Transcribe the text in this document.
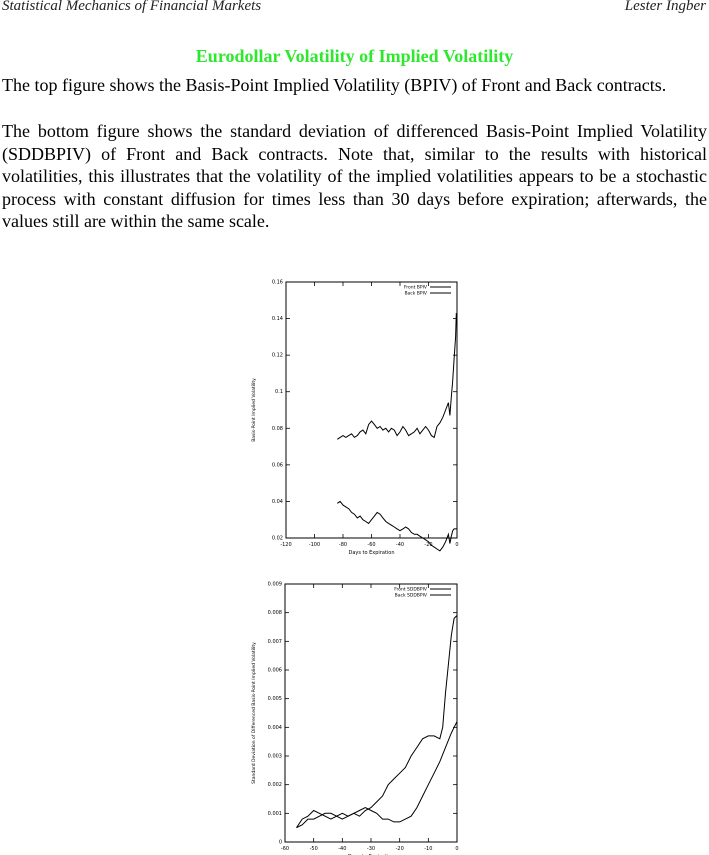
Statistical Mechanics of Financial Markets	Lester Ingber
Eurodollar Volatility of Implied Volatility
The top figure shows the Basis-Point Implied Volatility (BPIV) of Front and Back contracts.
The bottom figure shows the standard deviation of differenced Basis-Point Implied Volatility (SDDBPIV) of Front and Back contracts. Note that, similar to the results with historical volatilities, this illustrates that the volatility of the implied volatilities appears to be a stochastic process with constant diffusion for times less than 30 days before expiration; afterwards, the values still are within the same scale.
-120	-100	-80	-60	-40	-20	0
0.02
0.04
0.06
0.08
0.1
0.12
0.14
0.16
Days to Expiration
Basis-Point Implied Volatility
Front BPIV
Back BPIV
-60	-50	-40	-30	-20	-10	0
0
0.001
0.002
0.003
0.004
0.005
0.006
0.007
0.008
0.009
Standard Deviation of Differenced Basis-Point Implied Volatility
Front SDDBPIV
Back SDDBPIV
